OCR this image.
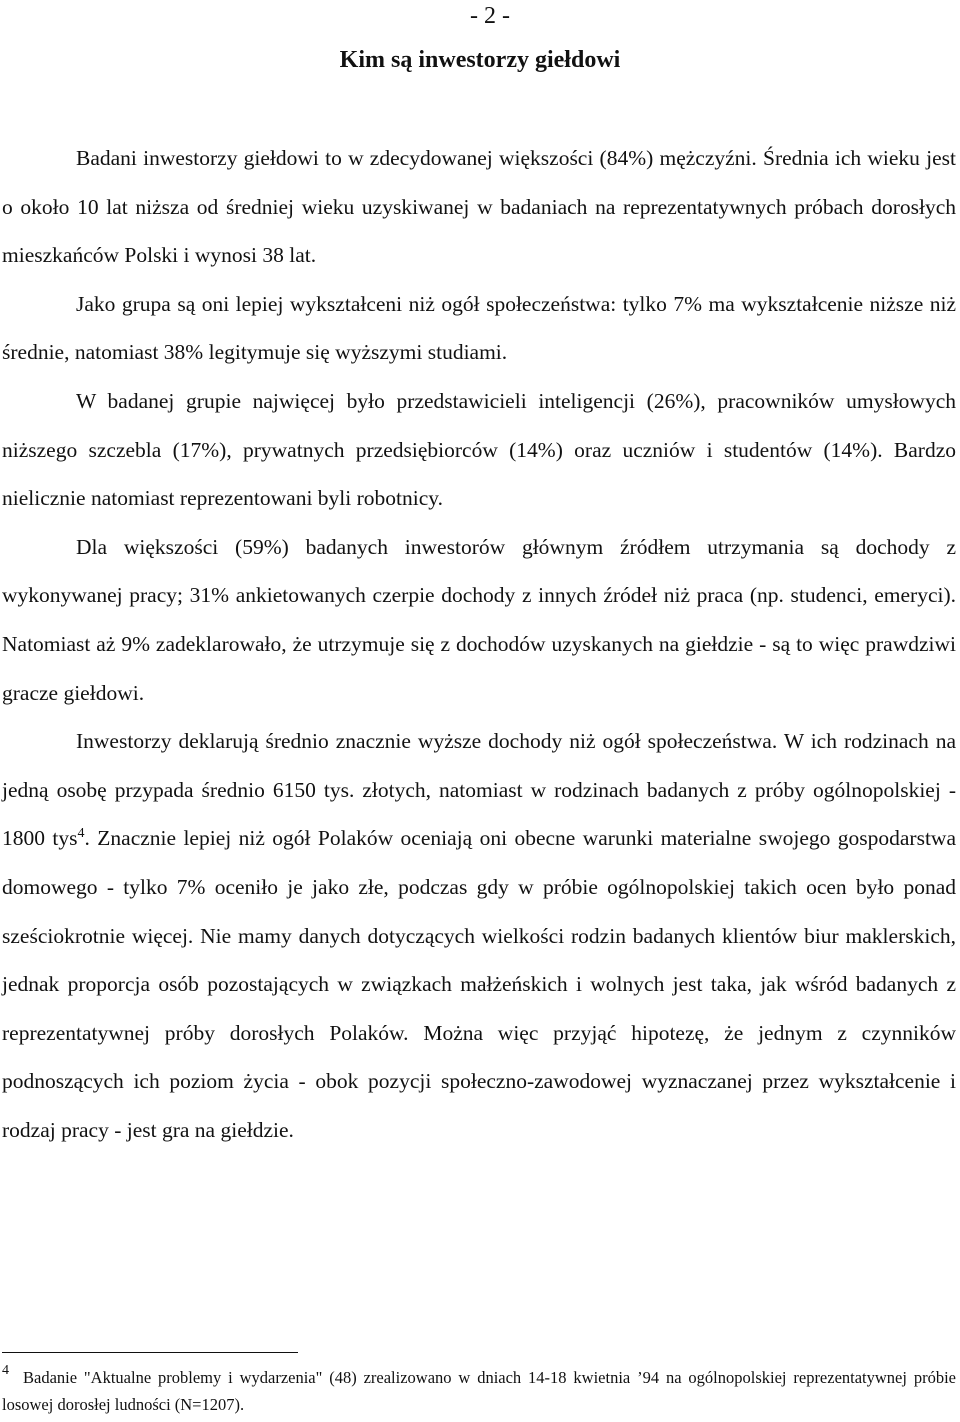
- 2 -
Kim są inwestorzy giełdowi

Badani inwestorzy giełdowi to w zdecydowanej większości (84%) mężczyźni. Średnia ich wieku jest o około 10 lat niższa od średniej wieku uzyskiwanej w badaniach na reprezentatywnych próbach dorosłych mieszkańców Polski i wynosi 38 lat.

Jako grupa są oni lepiej wykształceni niż ogół społeczeństwa: tylko 7% ma wykształcenie niższe niż średnie, natomiast 38% legitymuje się wyższymi studiami.

W badanej grupie najwięcej było przedstawicieli inteligencji (26%), pracowników umysłowych niższego szczebla (17%), prywatnych przedsiębiorców (14%) oraz uczniów i studentów (14%). Bardzo nielicznie natomiast reprezentowani byli robotnicy.

Dla większości (59%) badanych inwestorów głównym źródłem utrzymania są dochody z wykonywanej pracy; 31% ankietowanych czerpie dochody z innych źródeł niż praca (np. studenci, emeryci). Natomiast aż 9% zadeklarowało, że utrzymuje się z dochodów uzyskanych na giełdzie - są to więc prawdziwi gracze giełdowi.

Inwestorzy deklarują średnio znacznie wyższe dochody niż ogół społeczeństwa. W ich rodzinach na jedną osobę przypada średnio 6150 tys. złotych, natomiast w rodzinach badanych z próby ogólnopolskiej - 1800 tys$^4$. Znacznie lepiej niż ogół Polaków oceniają oni obecne warunki materialne swojego gospodarstwa domowego - tylko 7% oceniło je jako złe, podczas gdy w próbie ogólnopolskiej takich ocen było ponad sześciokrotnie więcej. Nie mamy danych dotyczących wielkości rodzin badanych klientów biur maklerskich, jednak proporcja osób pozostających w związkach małżeńskich i wolnych jest taka, jak wśród badanych z reprezentatywnej próby dorosłych Polaków. Można więc przyjąć hipotezę, że jednym z czynników podnoszących ich poziom życia - obok pozycji społeczno-zawodowej wyznaczanej przez wykształcenie i rodzaj pracy - jest gra na giełdzie.

$^4$ Badanie "Aktualne problemy i wydarzenia" (48) zrealizowano w dniach 14-18 kwietnia ’94 na ogólnopolskiej reprezentatywnej próbie losowej dorosłej ludności (N=1207).
